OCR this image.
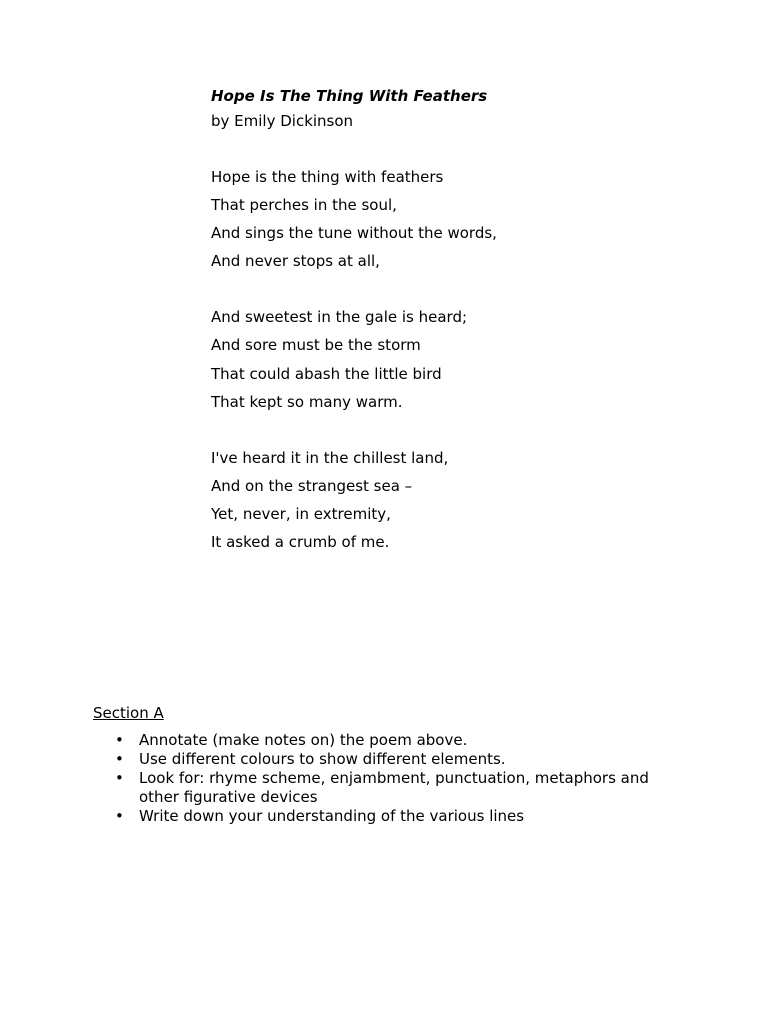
Hope Is The Thing With Feathers

by Emily Dickinson

Hope is the thing with feathers
That perches in the soul,
And sings the tune without the words,
And never stops at all,
And sweetest in the gale is heard;
And sore must be the storm
That could abash the little bird
That kept so many warm.
I've heard it in the chillest land,
And on the strangest sea –
Yet, never, in extremity,
It asked a crumb of me.

Section A

• Annotate (make notes on) the poem above.
• Use different colours to show different elements.
• Look for: rhyme scheme, enjambment, punctuation, metaphors and other figurative devices
• Write down your understanding of the various lines
